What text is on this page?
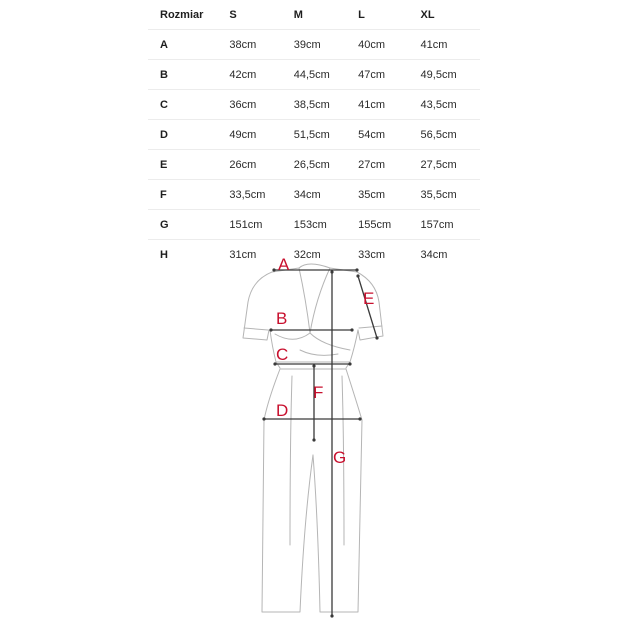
Rozmiar	S	M	L	XL
A	38cm	39cm	40cm	41cm
B	42cm	44,5cm	47cm	49,5cm
C	36cm	38,5cm	41cm	43,5cm
D	49cm	51,5cm	54cm	56,5cm
E	26cm	26,5cm	27cm	27,5cm
F	33,5cm	34cm	35cm	35,5cm
G	151cm	153cm	155cm	157cm
H	31cm	32cm	33cm	34cm
A
B
C
D
E
F
G
